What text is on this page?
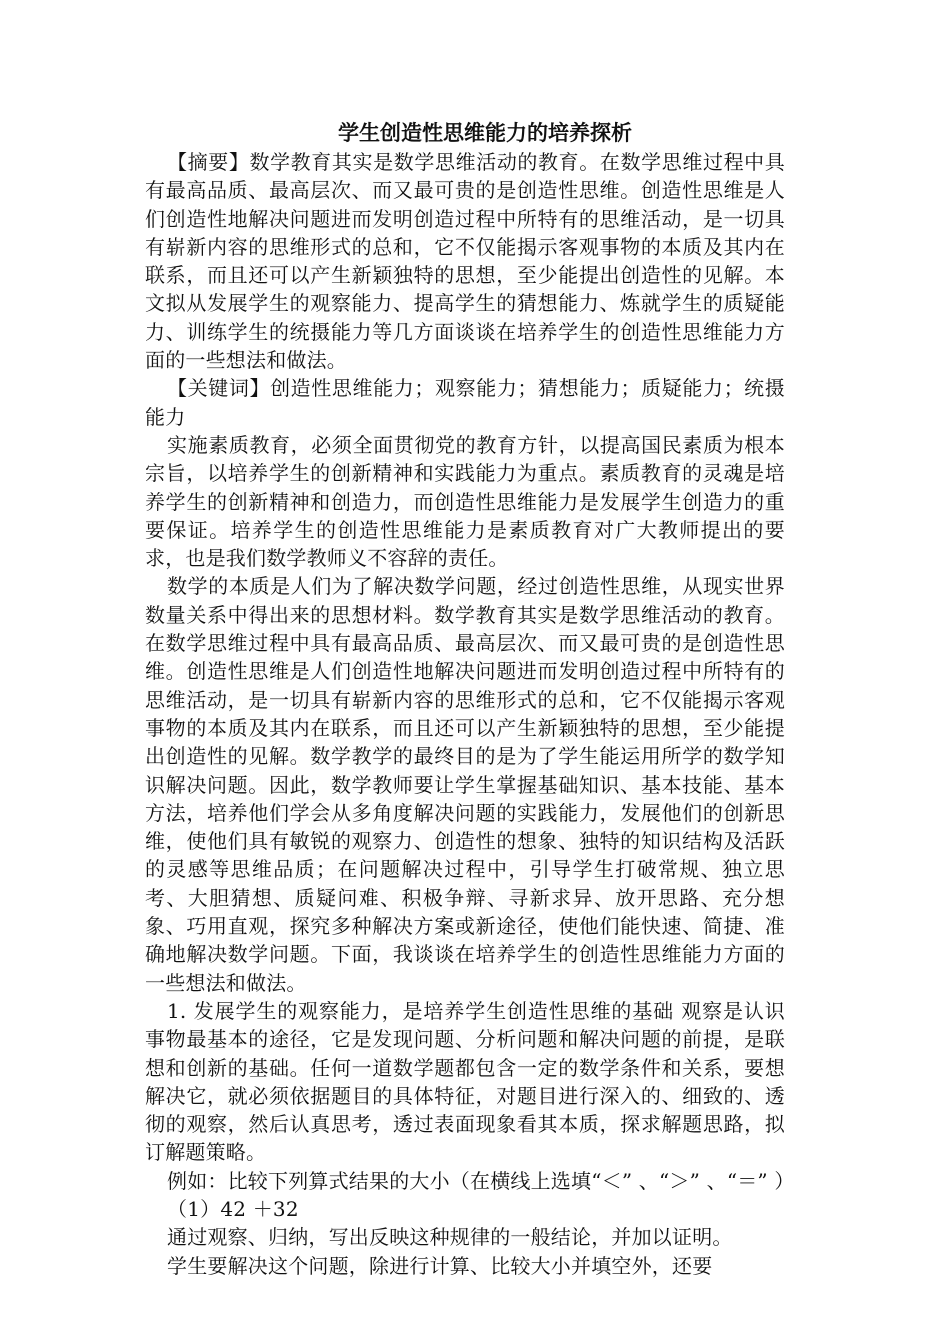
学生创造性思维能力的培养探析

【摘要】数学教育其实是数学思维活动的教育。在数学思维过程中具有最高品质、最高层次、而又最可贵的是创造性思维。创造性思维是人们创造性地解决问题进而发明创造过程中所特有的思维活动，是一切具有崭新内容的思维形式的总和，它不仅能揭示客观事物的本质及其内在联系，而且还可以产生新颖独特的思想，至少能提出创造性的见解。本文拟从发展学生的观察能力、提高学生的猜想能力、炼就学生的质疑能力、训练学生的统摄能力等几方面谈谈在培养学生的创造性思维能力方面的一些想法和做法。

【关键词】创造性思维能力；观察能力；猜想能力；质疑能力；统摄能力

实施素质教育，必须全面贯彻党的教育方针，以提高国民素质为根本宗旨，以培养学生的创新精神和实践能力为重点。素质教育的灵魂是培养学生的创新精神和创造力，而创造性思维能力是发展学生创造力的重要保证。培养学生的创造性思维能力是素质教育对广大教师提出的要求，也是我们数学教师义不容辞的责任。

数学的本质是人们为了解决数学问题，经过创造性思维，从现实世界数量关系中得出来的思想材料。数学教育其实是数学思维活动的教育。在数学思维过程中具有最高品质、最高层次、而又最可贵的是创造性思维。创造性思维是人们创造性地解决问题进而发明创造过程中所特有的思维活动，是一切具有崭新内容的思维形式的总和，它不仅能揭示客观事物的本质及其内在联系，而且还可以产生新颖独特的思想，至少能提出创造性的见解。数学教学的最终目的是为了学生能运用所学的数学知识解决问题。因此，数学教师要让学生掌握基础知识、基本技能、基本方法，培养他们学会从多角度解决问题的实践能力，发展他们的创新思维，使他们具有敏锐的观察力、创造性的想象、独特的知识结构及活跃的灵感等思维品质；在问题解决过程中，引导学生打破常规、独立思考、大胆猜想、质疑问难、积极争辩、寻新求异、放开思路、充分想象、巧用直观，探究多种解决方案或新途径，使他们能快速、简捷、准确地解决数学问题。下面，我谈谈在培养学生的创造性思维能力方面的一些想法和做法。

1. 发展学生的观察能力，是培养学生创造性思维的基础 观察是认识事物最基本的途径，它是发现问题、分析问题和解决问题的前提，是联想和创新的基础。任何一道数学题都包含一定的数学条件和关系，要想解决它，就必须依据题目的具体特征，对题目进行深入的、细致的、透彻的观察，然后认真思考，透过表面现象看其本质，探求解题思路，拟订解题策略。

例如：比较下列算式结果的大小（在横线上选填“＜” 、“＞” 、“＝” ）

（1）42 ＋32

通过观察、归纳，写出反映这种规律的一般结论，并加以证明。

学生要解决这个问题，除进行计算、比较大小并填空外，还要
